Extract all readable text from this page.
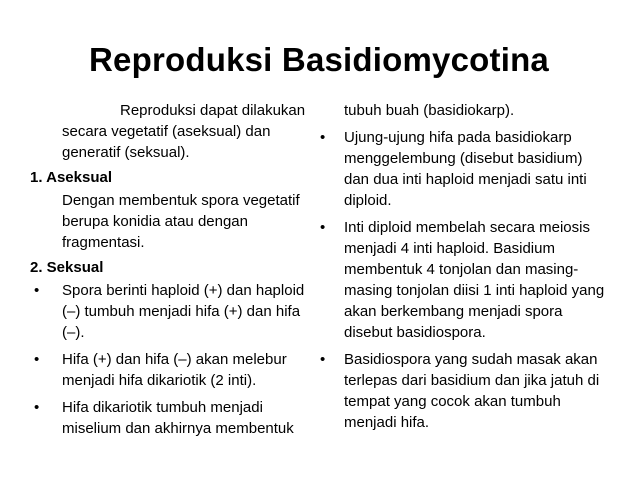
Reproduksi Basidiomycotina

Reproduksi dapat dilakukan secara vegetatif (aseksual) dan generatif (seksual).

1. Aseksual

Dengan membentuk spora vegetatif berupa konidia atau dengan fragmentasi.

2. Seksual

• Spora berinti haploid (+) dan haploid (–) tumbuh menjadi hifa (+) dan hifa (–).
• Hifa (+) dan hifa (–) akan melebur menjadi hifa dikariotik (2 inti).
• Hifa dikariotik tumbuh menjadi miselium dan akhirnya membentuk

tubuh buah (basidiokarp).

• Ujung-ujung hifa pada basidiokarp menggelembung (disebut basidium) dan dua inti haploid menjadi satu inti diploid.
• Inti diploid membelah secara meiosis menjadi 4 inti haploid. Basidium membentuk 4 tonjolan dan masing-masing tonjolan diisi 1 inti haploid yang akan berkembang menjadi spora disebut basidiospora.
• Basidiospora yang sudah masak akan terlepas dari basidium dan jika jatuh di tempat yang cocok akan tumbuh menjadi hifa.
